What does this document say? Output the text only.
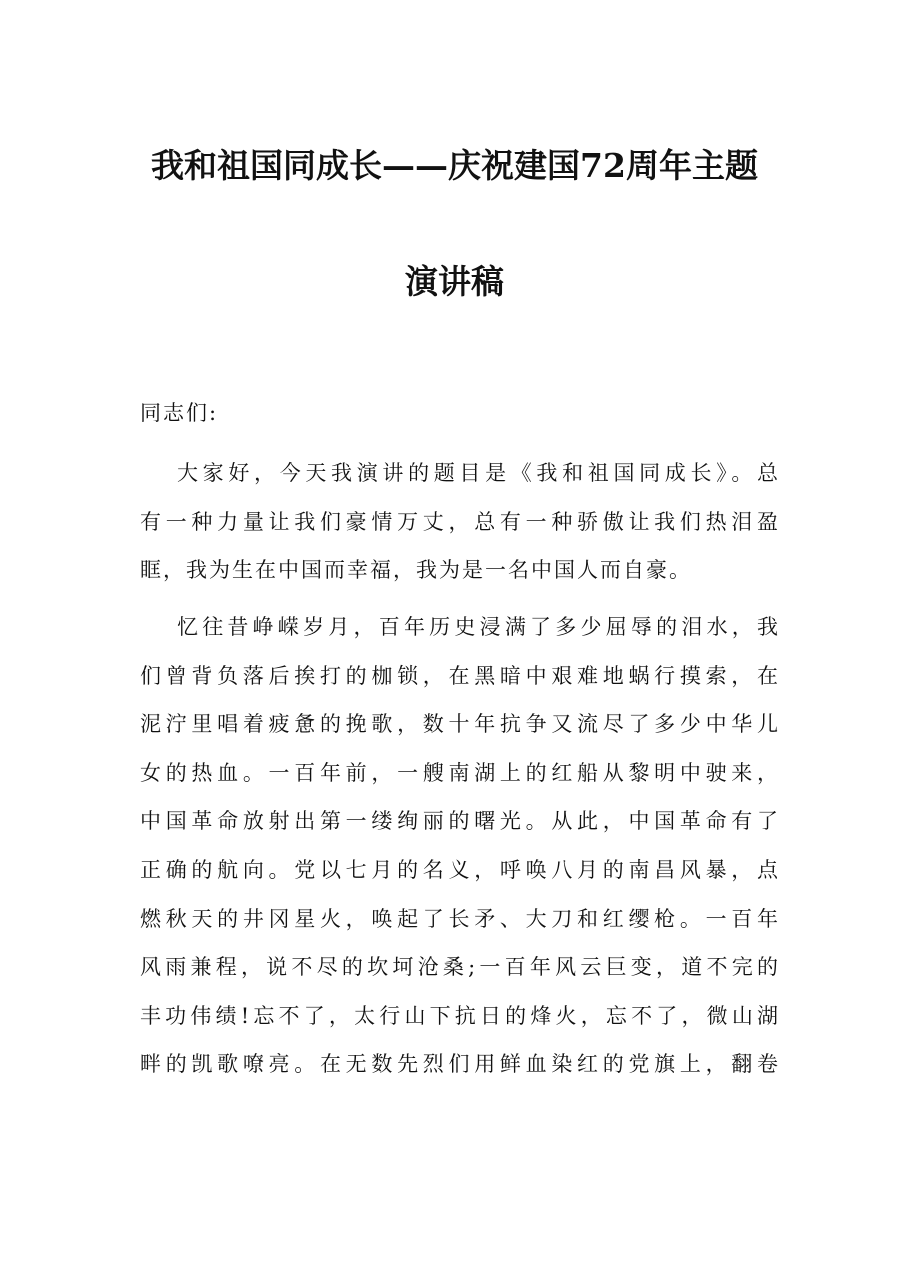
我和祖国同成长——庆祝建国72周年主题
演讲稿
同志们:
大家好，今天我演讲的题目是《我和祖国同成长》。总
有一种力量让我们豪情万丈，总有一种骄傲让我们热泪盈
眶，我为生在中国而幸福，我为是一名中国人而自豪。
忆往昔峥嵘岁月，百年历史浸满了多少屈辱的泪水，我
们曾背负落后挨打的枷锁，在黑暗中艰难地蜗行摸索，在
泥泞里唱着疲惫的挽歌，数十年抗争又流尽了多少中华儿
女的热血。一百年前，一艘南湖上的红船从黎明中驶来，
中国革命放射出第一缕绚丽的曙光。从此，中国革命有了
正确的航向。党以七月的名义，呼唤八月的南昌风暴，点
燃秋天的井冈星火，唤起了长矛、大刀和红缨枪。一百年
风雨兼程，说不尽的坎坷沧桑;一百年风云巨变，道不完的
丰功伟绩!忘不了，太行山下抗日的烽火，忘不了，微山湖
畔的凯歌嘹亮。在无数先烈们用鲜血染红的党旗上，翻卷
